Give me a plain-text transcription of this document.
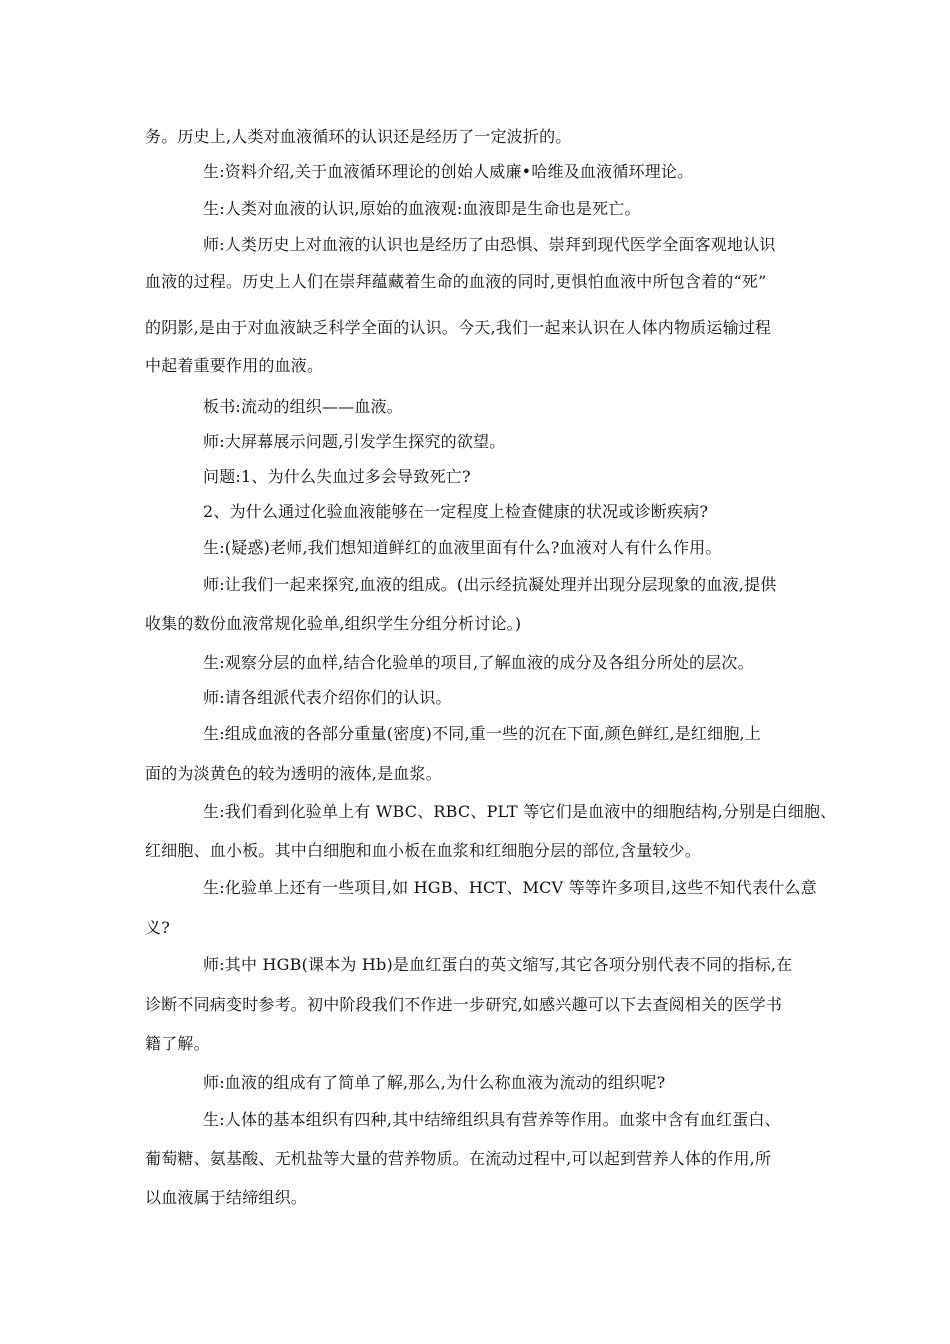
务。历史上,人类对血液循环的认识还是经历了一定波折的。
生:资料介绍,关于血液循环理论的创始人威廉•哈维及血液循环理论。
生:人类对血液的认识,原始的血液观:血液即是生命也是死亡。
师:人类历史上对血液的认识也是经历了由恐惧、崇拜到现代医学全面客观地认识
血液的过程。历史上人们在崇拜蕴藏着生命的血液的同时,更惧怕血液中所包含着的“死”
的阴影,是由于对血液缺乏科学全面的认识。今天,我们一起来认识在人体内物质运输过程
中起着重要作用的血液。
板书:流动的组织——血液。
师:大屏幕展示问题,引发学生探究的欲望。
问题:1、为什么失血过多会导致死亡?
2、为什么通过化验血液能够在一定程度上检查健康的状况或诊断疾病?
生:(疑惑)老师,我们想知道鲜红的血液里面有什么?血液对人有什么作用。
师:让我们一起来探究,血液的组成。(出示经抗凝处理并出现分层现象的血液,提供
收集的数份血液常规化验单,组织学生分组分析讨论。)
生:观察分层的血样,结合化验单的项目,了解血液的成分及各组分所处的层次。
师:请各组派代表介绍你们的认识。
生:组成血液的各部分重量(密度)不同,重一些的沉在下面,颜色鲜红,是红细胞,上
面的为淡黄色的较为透明的液体,是血浆。
生:我们看到化验单上有 WBC、RBC、PLT 等它们是血液中的细胞结构,分别是白细胞、
红细胞、血小板。其中白细胞和血小板在血浆和红细胞分层的部位,含量较少。
生:化验单上还有一些项目,如 HGB、HCT、MCV 等等许多项目,这些不知代表什么意
义?
师:其中 HGB(课本为 Hb)是血红蛋白的英文缩写,其它各项分别代表不同的指标,在
诊断不同病变时参考。初中阶段我们不作进一步研究,如感兴趣可以下去查阅相关的医学书
籍了解。
师:血液的组成有了简单了解,那么,为什么称血液为流动的组织呢?
生:人体的基本组织有四种,其中结缔组织具有营养等作用。血浆中含有血红蛋白、
葡萄糖、氨基酸、无机盐等大量的营养物质。在流动过程中,可以起到营养人体的作用,所
以血液属于结缔组织。
